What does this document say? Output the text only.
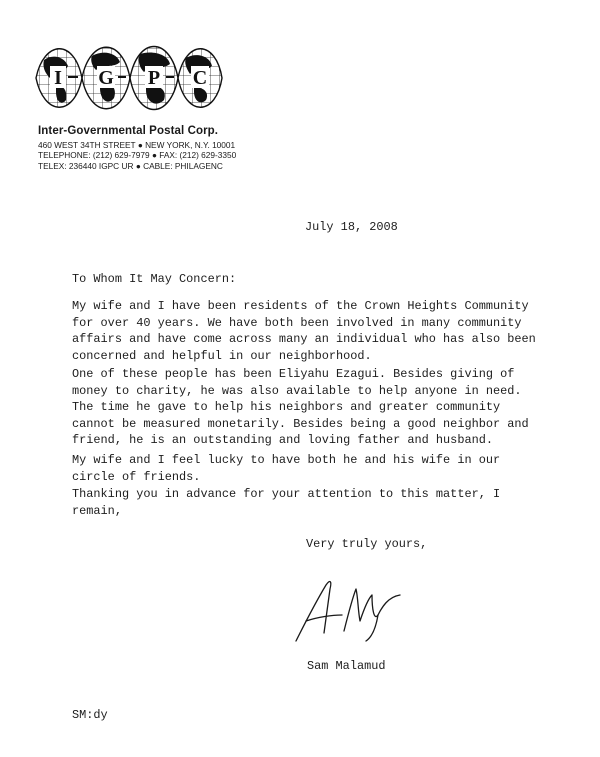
I G P C
Inter-Governmental Postal Corp.
460 WEST 34TH STREET ● NEW YORK, N.Y. 10001
TELEPHONE: (212) 629-7979 ● FAX: (212) 629-3350
TELEX: 236440 IGPC UR ● CABLE: PHILAGENC
July 18, 2008
To Whom It May Concern:

My wife and I have been residents of the Crown Heights Community
for over 40 years. We have both been involved in many community
affairs and have come across many an individual who has also been
concerned and helpful in our neighborhood.

One of these people has been Eliyahu Ezagui. Besides giving of
money to charity, he was also available to help anyone in need.
The time he gave to help his neighbors and greater community
cannot be measured monetarily. Besides being a good neighbor and
friend, he is an outstanding and loving father and husband.

My wife and I feel lucky to have both he and his wife in our
circle of friends.

Thanking you in advance for your attention to this matter, I
remain,

Very truly yours,
Sam Malamud
SM:dy
